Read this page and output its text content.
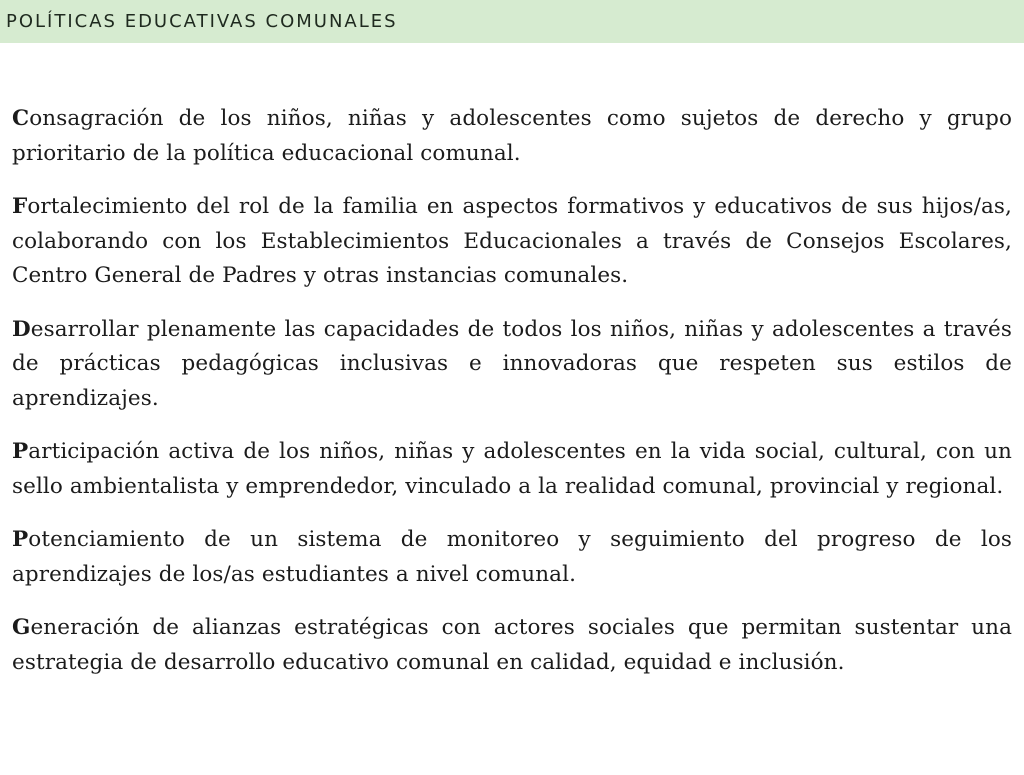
POLÍTICAS EDUCATIVAS COMUNALES

Consagración de los niños, niñas y adolescentes como sujetos de derecho y grupo prioritario de la política educacional comunal.

Fortalecimiento del rol de la familia en aspectos formativos y educativos de sus hijos/as, colaborando con los Establecimientos Educacionales a través de Consejos Escolares, Centro General de Padres y otras instancias comunales.

Desarrollar plenamente las capacidades de todos los niños, niñas y adolescentes a través de prácticas pedagógicas inclusivas e innovadoras que respeten sus estilos de aprendizajes.

Participación activa de los niños, niñas y adolescentes en la vida social, cultural, con un sello ambientalista y emprendedor, vinculado a la realidad comunal, provincial y regional.

Potenciamiento de un sistema de monitoreo y seguimiento del progreso de los aprendizajes de los/as estudiantes a nivel comunal.

Generación de alianzas estratégicas con actores sociales que permitan sustentar una estrategia de desarrollo educativo comunal en calidad, equidad e inclusión.
